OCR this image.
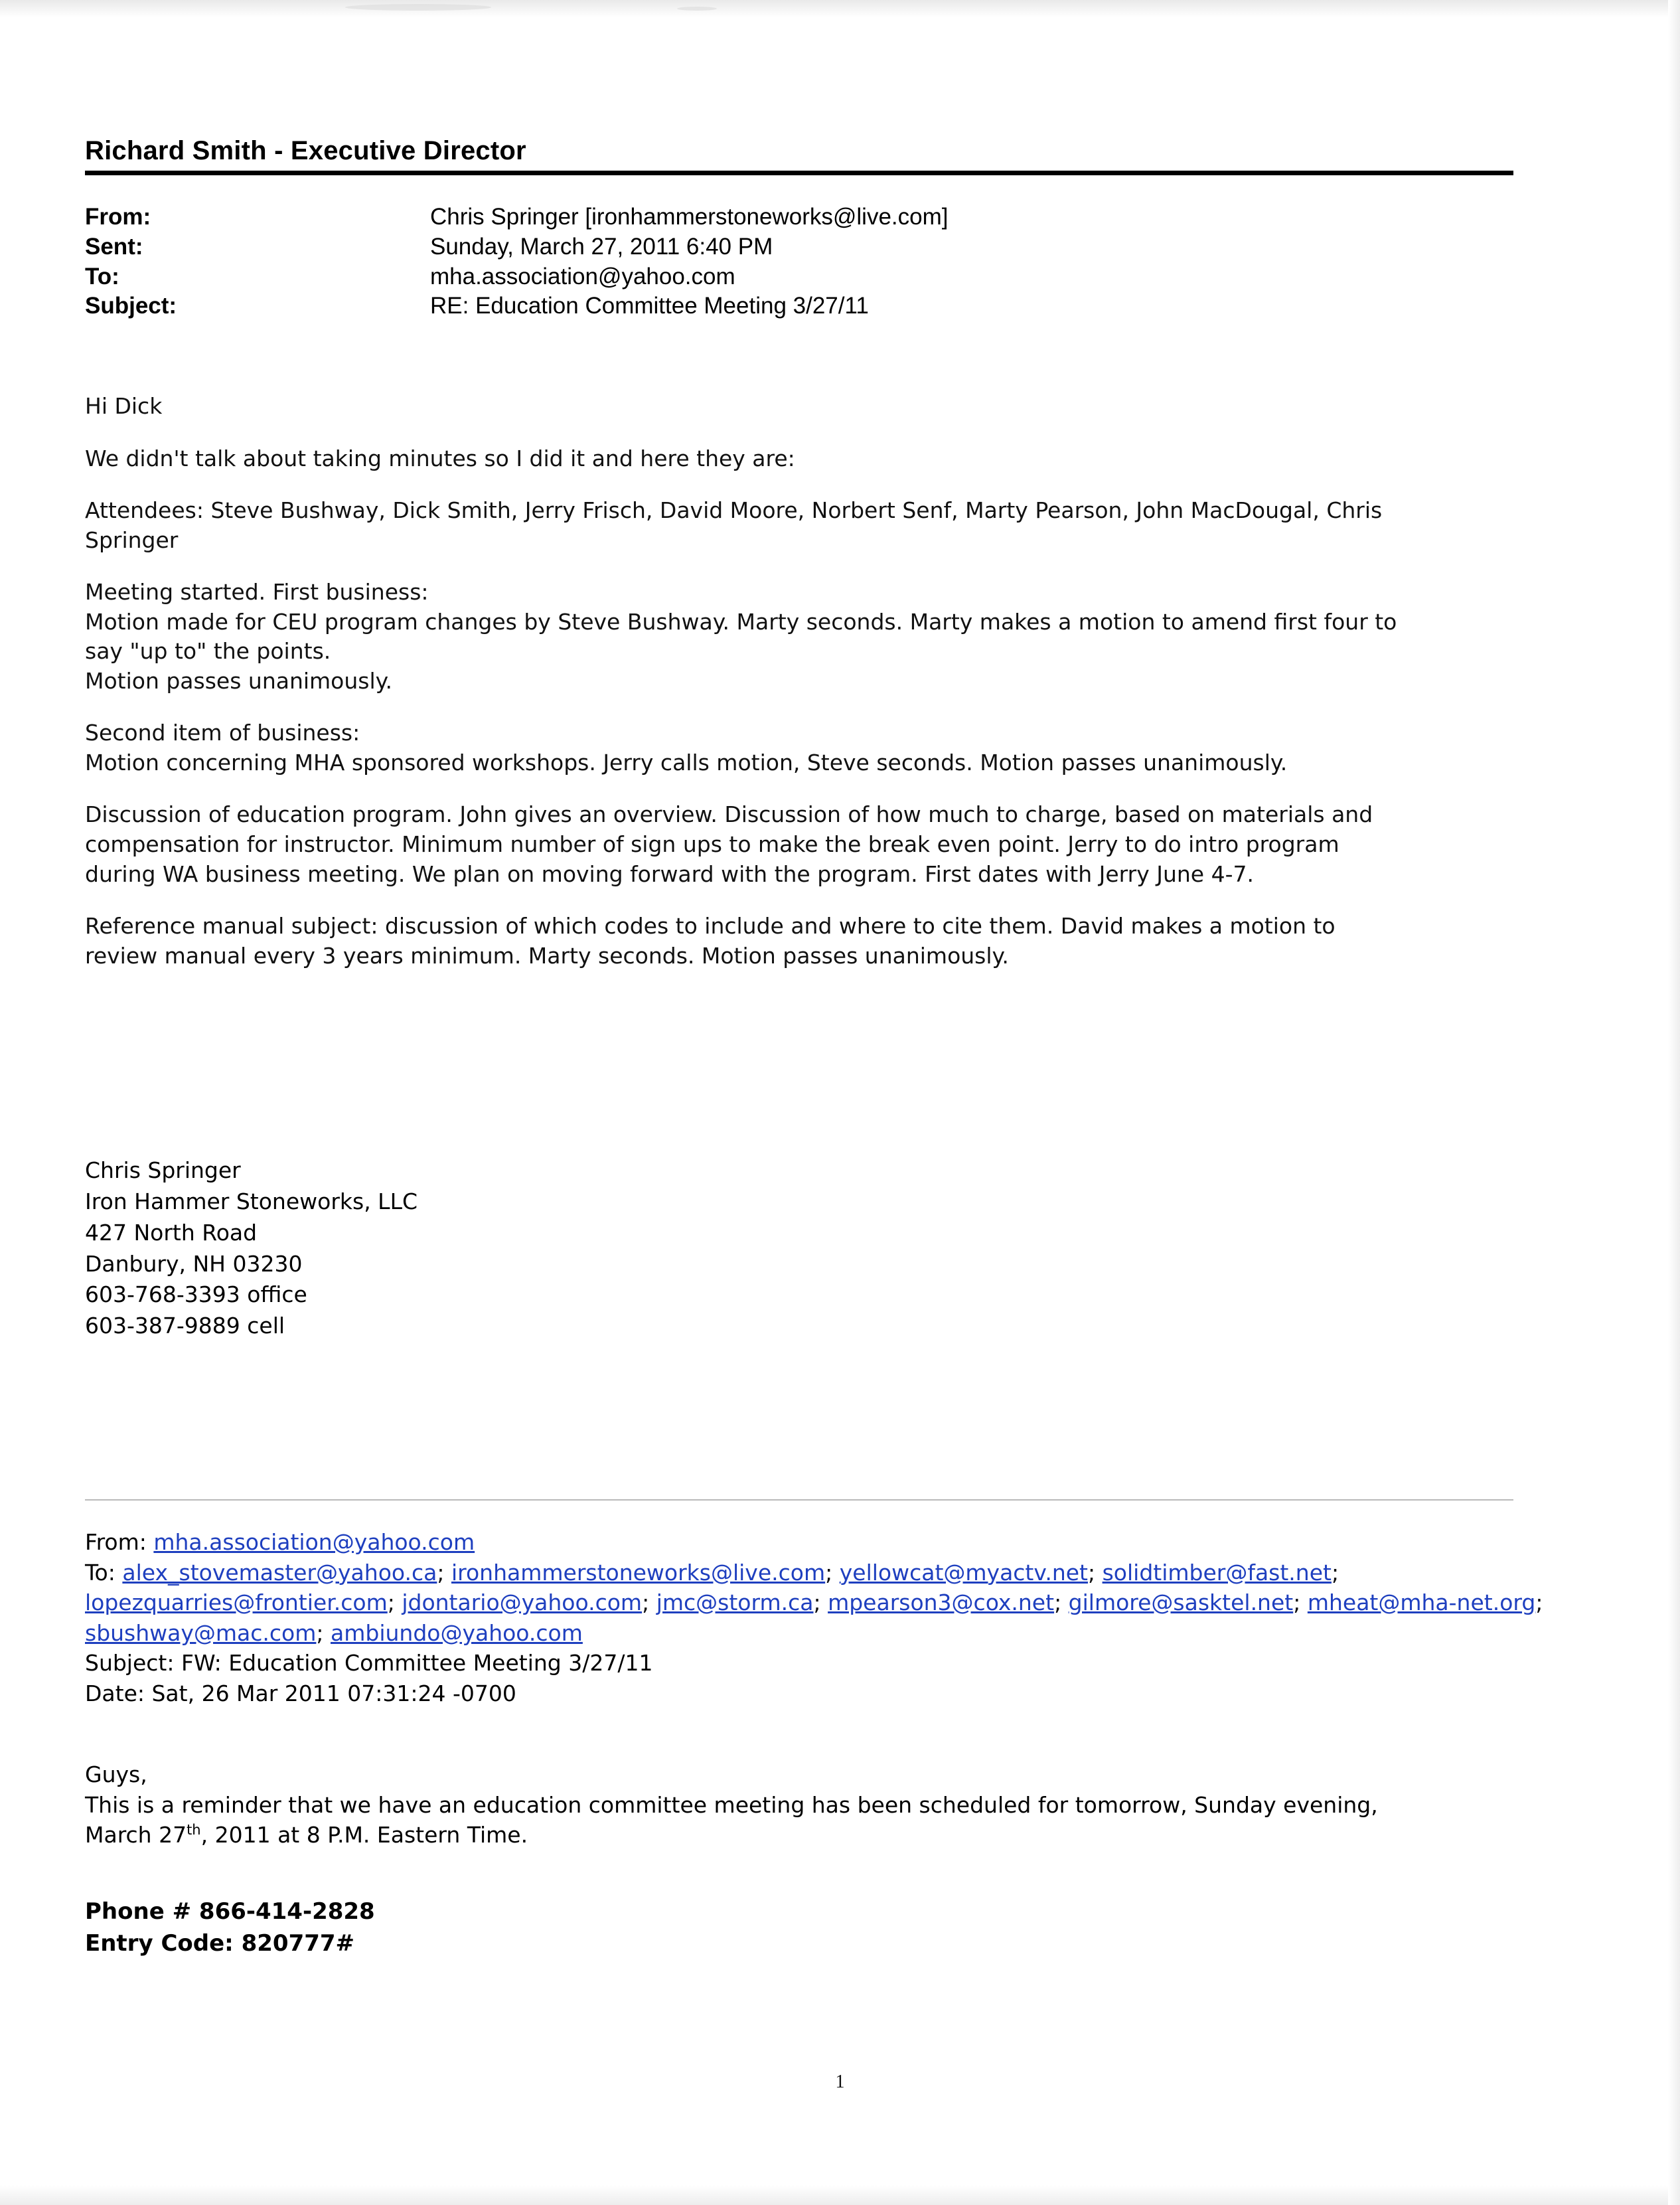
Richard Smith - Executive Director
From:	Chris Springer [ironhammerstoneworks@live.com]
Sent:	Sunday, March 27, 2011 6:40 PM
To:	mha.association@yahoo.com
Subject:	RE: Education Committee Meeting 3/27/11

Hi Dick

We didn't talk about taking minutes so I did it and here they are:

Attendees: Steve Bushway, Dick Smith, Jerry Frisch, David Moore, Norbert Senf, Marty Pearson, John MacDougal, Chris
Springer

Meeting started. First business:
Motion made for CEU program changes by Steve Bushway. Marty seconds. Marty makes a motion to amend first four to
say "up to" the points.
Motion passes unanimously.

Second item of business:
Motion concerning MHA sponsored workshops. Jerry calls motion, Steve seconds. Motion passes unanimously.

Discussion of education program. John gives an overview. Discussion of how much to charge, based on materials and
compensation for instructor. Minimum number of sign ups to make the break even point. Jerry to do intro program
during WA business meeting. We plan on moving forward with the program. First dates with Jerry June 4-7.

Reference manual subject: discussion of which codes to include and where to cite them. David makes a motion to
review manual every 3 years minimum. Marty seconds. Motion passes unanimously.

Chris Springer
Iron Hammer Stoneworks, LLC
427 North Road
Danbury, NH 03230
603-768-3393 office
603-387-9889 cell
From: mha.association@yahoo.com
To: alex_stovemaster@yahoo.ca; ironhammerstoneworks@live.com; yellowcat@myactv.net; solidtimber@fast.net; lopezquarries@frontier.com; jdontario@yahoo.com; jmc@storm.ca; mpearson3@cox.net; gilmore@sasktel.net; mheat@mha-net.org; sbushway@mac.com; ambiundo@yahoo.com
Subject: FW: Education Committee Meeting 3/27/11
Date: Sat, 26 Mar 2011 07:31:24 -0700
Guys,
This is a reminder that we have an education committee meeting has been scheduled for tomorrow, Sunday evening,
March 27th, 2011 at 8 P.M. Eastern Time.
Phone # 866-414-2828
Entry Code: 820777#
1
